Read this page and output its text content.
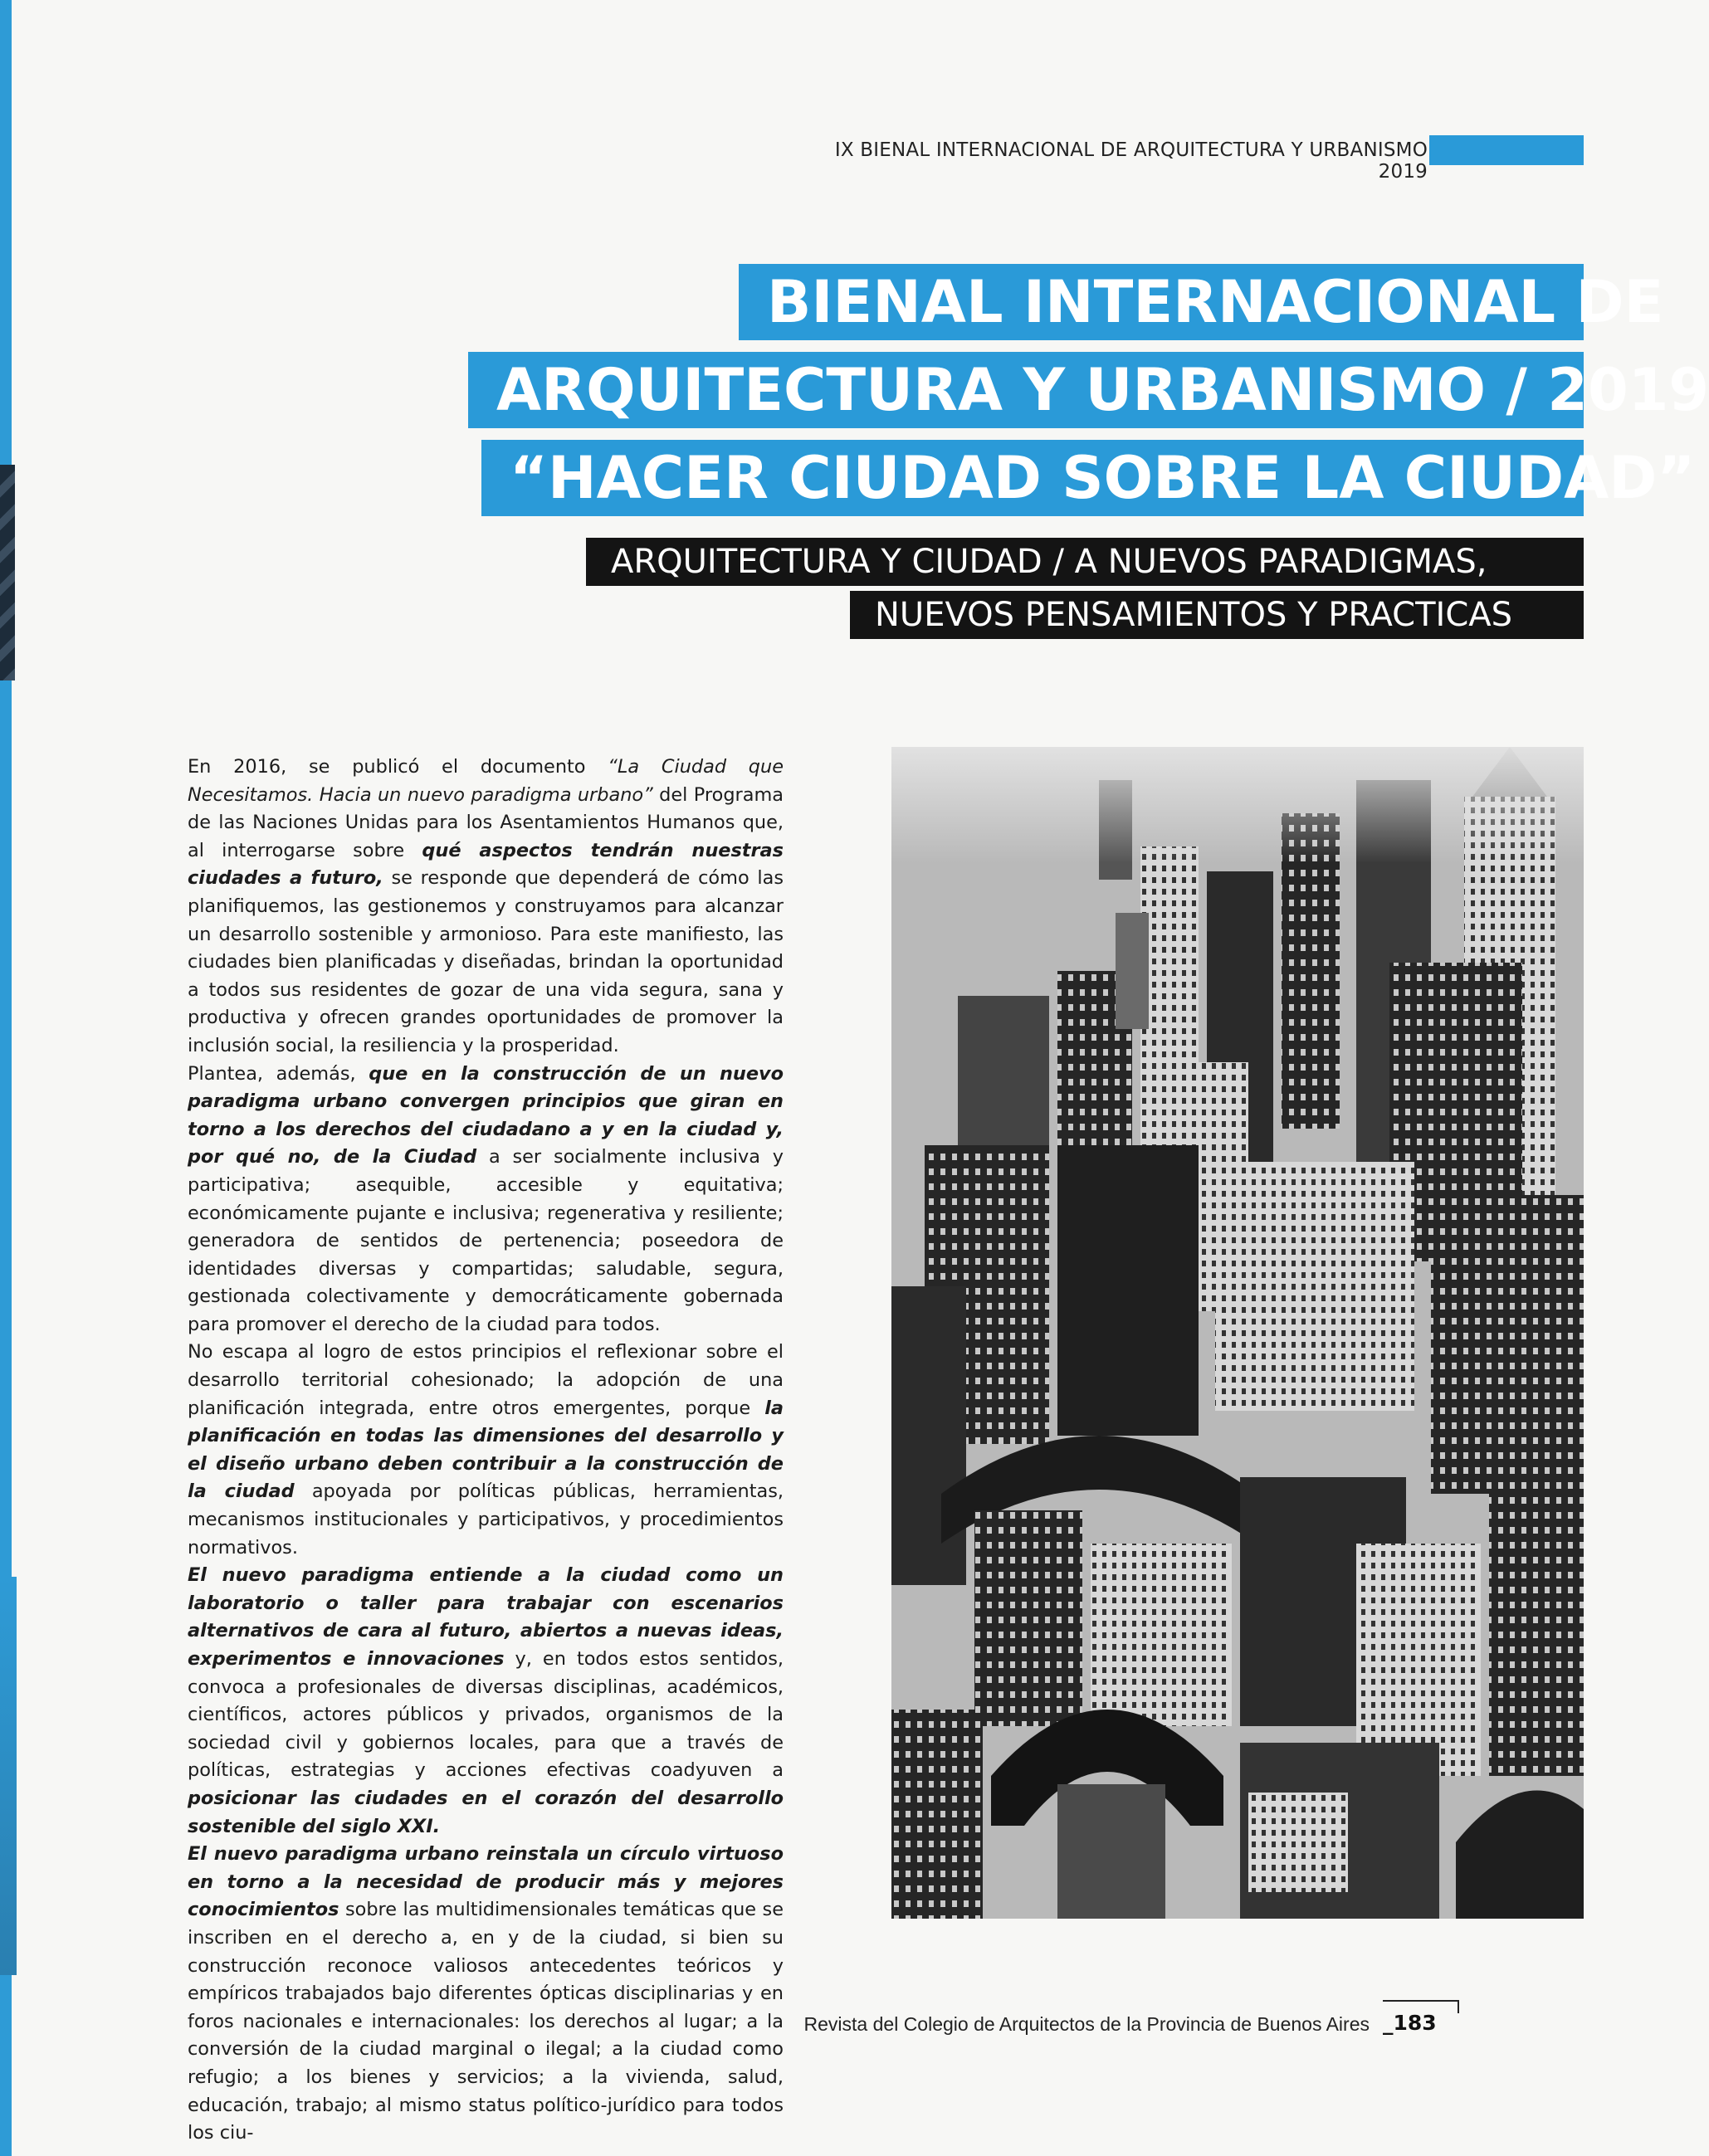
IX BIENAL INTERNACIONAL DE ARQUITECTURA Y URBANISMO 2019
BIENAL INTERNACIONAL DE
ARQUITECTURA Y URBANISMO / 2019
“HACER CIUDAD SOBRE LA CIUDAD”
ARQUITECTURA Y CIUDAD / A NUEVOS PARADIGMAS,
NUEVOS PENSAMIENTOS Y PRACTICAS

En 2016, se publicó el documento “La Ciudad que Necesitamos. Hacia un nuevo paradigma urbano” del Programa de las Naciones Unidas para los Asentamientos Humanos que, al interrogarse sobre qué aspectos tendrán nuestras ciudades a futuro, se responde que dependerá de cómo las planifiquemos, las gestionemos y construyamos para alcanzar un desarrollo sostenible y armonioso. Para este manifiesto, las ciudades bien planificadas y diseñadas, brindan la oportunidad a todos sus residentes de gozar de una vida segura, sana y productiva y ofrecen grandes oportunidades de promover la inclusión social, la resiliencia y la prosperidad.

Plantea, además, que en la construcción de un nuevo paradigma urbano convergen principios que giran en torno a los derechos del ciudadano a y en la ciudad y, por qué no, de la Ciudad a ser socialmente inclusiva y participativa; asequible, accesible y equitativa; económicamente pujante e inclusiva; regenerativa y resiliente; generadora de sentidos de pertenencia; poseedora de identidades diversas y compartidas; saludable, segura, gestionada colectivamente y democráticamente gobernada para promover el derecho de la ciudad para todos.

No escapa al logro de estos principios el reflexionar sobre el desarrollo territorial cohesionado; la adopción de una planificación integrada, entre otros emergentes, porque la planificación en todas las dimensiones del desarrollo y el diseño urbano deben contribuir a la construcción de la ciudad apoyada por políticas públicas, herramientas, mecanismos institucionales y participativos, y procedimientos normativos.

El nuevo paradigma entiende a la ciudad como un laboratorio o taller para trabajar con escenarios alternativos de cara al futuro, abiertos a nuevas ideas, experimentos e innovaciones y, en todos estos sentidos, convoca a profesionales de diversas disciplinas, académicos, científicos, actores públicos y privados, organismos de la sociedad civil y gobiernos locales, para que a través de políticas, estrategias y acciones efectivas coadyuven a posicionar las ciudades en el corazón del desarrollo sostenible del siglo XXI.

El nuevo paradigma urbano reinstala un círculo virtuoso en torno a la necesidad de producir más y mejores conocimientos sobre las multidimensionales temáticas que se inscriben en el derecho a, en y de la ciudad, si bien su construcción reconoce valiosos antecedentes teóricos y empíricos trabajados bajo diferentes ópticas disciplinarias y en foros nacionales e internacionales: los derechos al lugar; a la conversión de la ciudad marginal o ilegal; a la ciudad como refugio; a los bienes y servicios; a la vivienda, salud, educación, trabajo; al mismo status político-jurídico para todos los ciu-

Revista del Colegio de Arquitectos de la Provincia de Buenos Aires _183
